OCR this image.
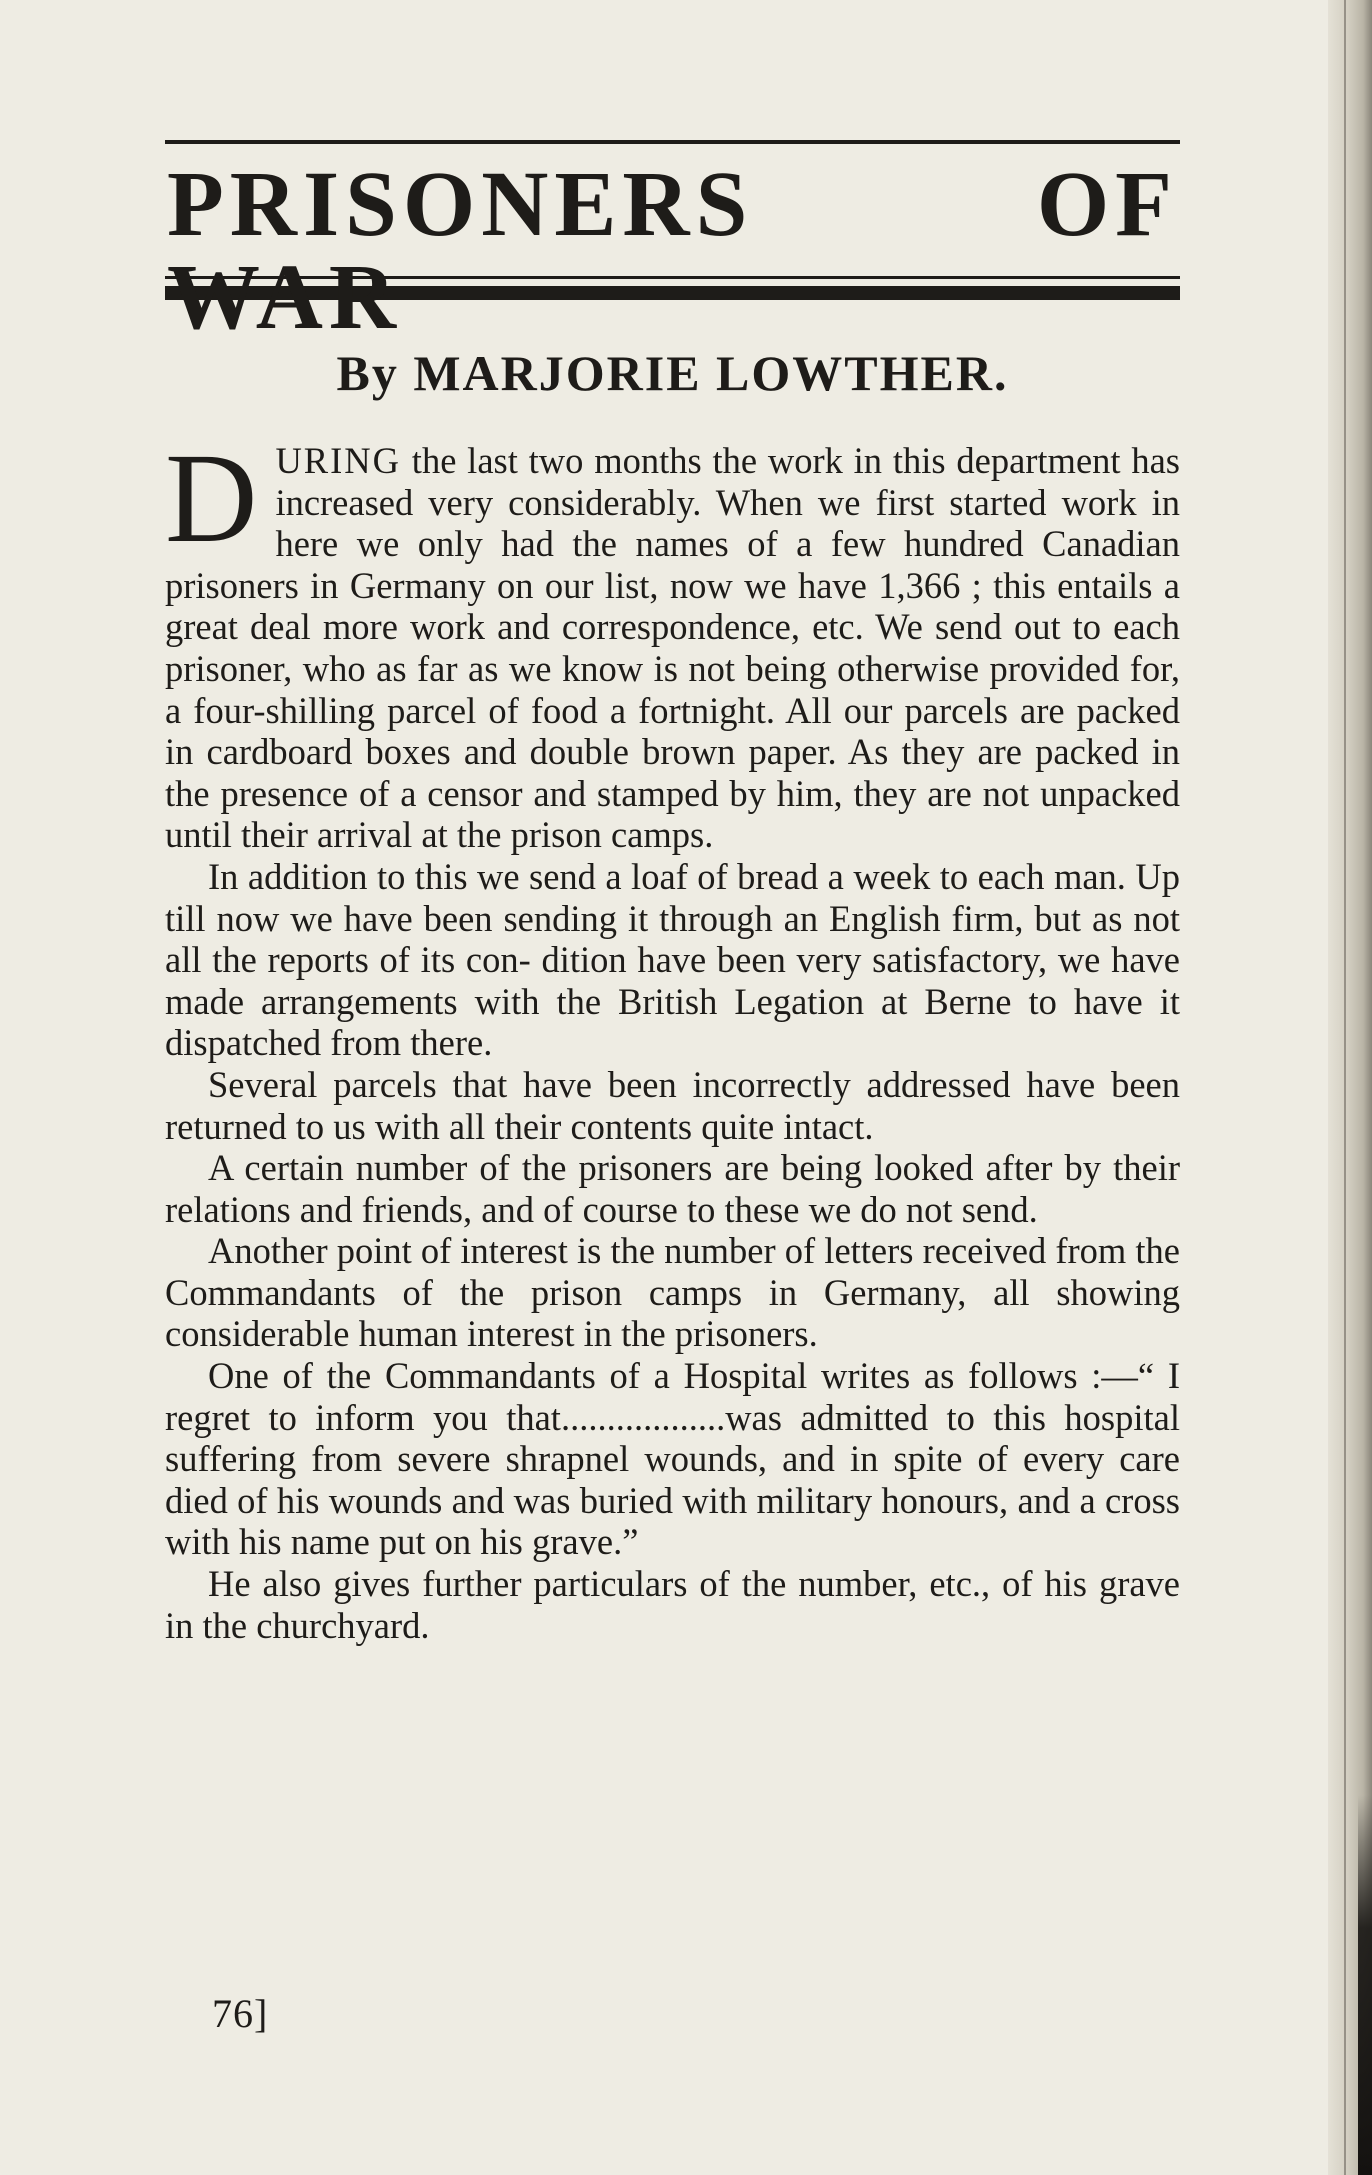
PRISONERS OF WAR
By MARJORIE LOWTHER.

DURING the last two months the work in this department has increased very considerably. When we first started work in here we only had the names of a few hundred Canadian prisoners in Germany on our list, now we have 1,366 ; this entails a great deal more work and correspondence, etc. We send out to each prisoner, who as far as we know is not being otherwise provided for, a four-shilling parcel of food a fortnight. All our parcels are packed in cardboard boxes and double brown paper. As they are packed in the presence of a censor and stamped by him, they are not unpacked until their arrival at the prison camps.

In addition to this we send a loaf of bread a week to each man. Up till now we have been sending it through an English firm, but as not all the reports of its con- dition have been very satisfactory, we have made arrangements with the British Legation at Berne to have it dispatched from there.

Several parcels that have been incorrectly addressed have been returned to us with all their contents quite intact.

A certain number of the prisoners are being looked after by their relations and friends, and of course to these we do not send.

Another point of interest is the number of letters received from the Commandants of the prison camps in Germany, all showing considerable human interest in the prisoners.

One of the Commandants of a Hospital writes as follows :—“ I regret to inform you that..................was admitted to this hospital suffering from severe shrapnel wounds, and in spite of every care died of his wounds and was buried with military honours, and a cross with his name put on his grave.”

He also gives further particulars of the number, etc., of his grave in the churchyard.

76]
